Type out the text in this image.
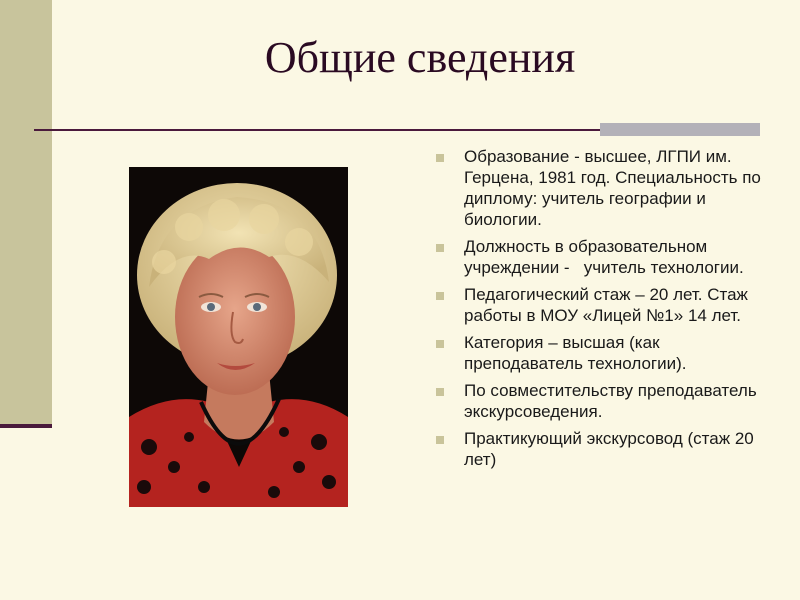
Общие сведения
Образование - высшее, ЛГПИ им. Герцена, 1981 год. Специальность по диплому: учитель географии и биологии.
Должность в образовательном учреждении -   учитель технологии.
Педагогический стаж – 20 лет. Стаж работы в МОУ «Лицей №1» 14 лет.
Категория – высшая (как преподаватель технологии).
По совместительству преподаватель экскурсоведения.
Практикующий экскурсовод (стаж 20 лет)
